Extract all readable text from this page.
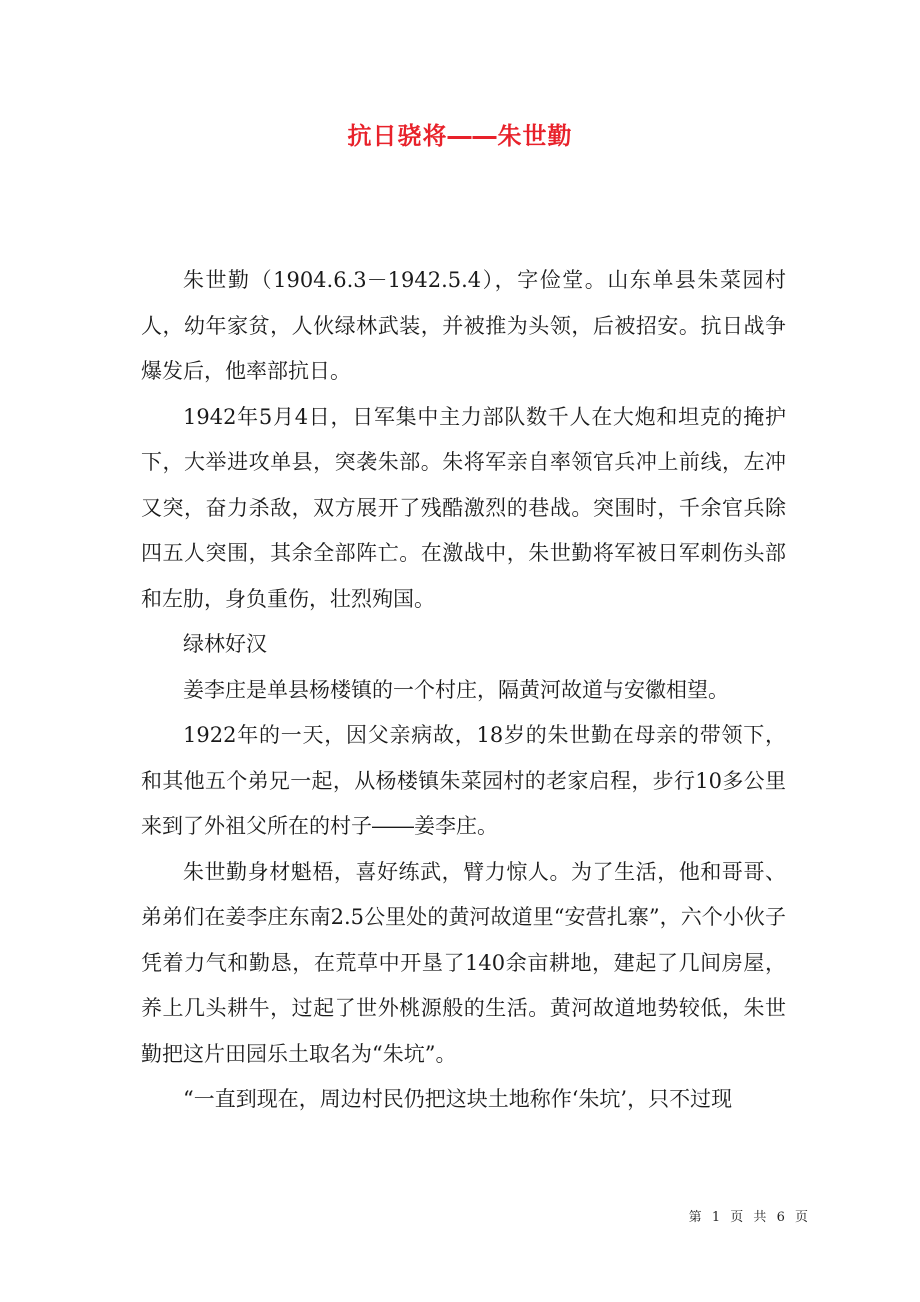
抗日骁将――朱世勤

朱世勤（1904.6.3－1942.5.4），字俭堂。山东单县朱菜园村人，幼年家贫，人伙绿林武装，并被推为头领，后被招安。抗日战争爆发后，他率部抗日。

1942年5月4日，日军集中主力部队数千人在大炮和坦克的掩护下，大举进攻单县，突袭朱部。朱将军亲自率领官兵冲上前线，左冲又突，奋力杀敌，双方展开了残酷激烈的巷战。突围时，千余官兵除四五人突围，其余全部阵亡。在激战中，朱世勤将军被日军刺伤头部和左肋，身负重伤，壮烈殉国。

绿林好汉

姜李庄是单县杨楼镇的一个村庄，隔黄河故道与安徽相望。

1922年的一天，因父亲病故，18岁的朱世勤在母亲的带领下，和其他五个弟兄一起，从杨楼镇朱菜园村的老家启程，步行10多公里来到了外祖父所在的村子――姜李庄。

朱世勤身材魁梧，喜好练武，臂力惊人。为了生活，他和哥哥、弟弟们在姜李庄东南2.5公里处的黄河故道里“安营扎寨”，六个小伙子凭着力气和勤恳，在荒草中开垦了140余亩耕地，建起了几间房屋，养上几头耕牛，过起了世外桃源般的生活。黄河故道地势较低，朱世勤把这片田园乐土取名为“朱坑”。

“一直到现在，周边村民仍把这块土地称作‘朱坑’，只不过现

第 1 页 共 6 页
